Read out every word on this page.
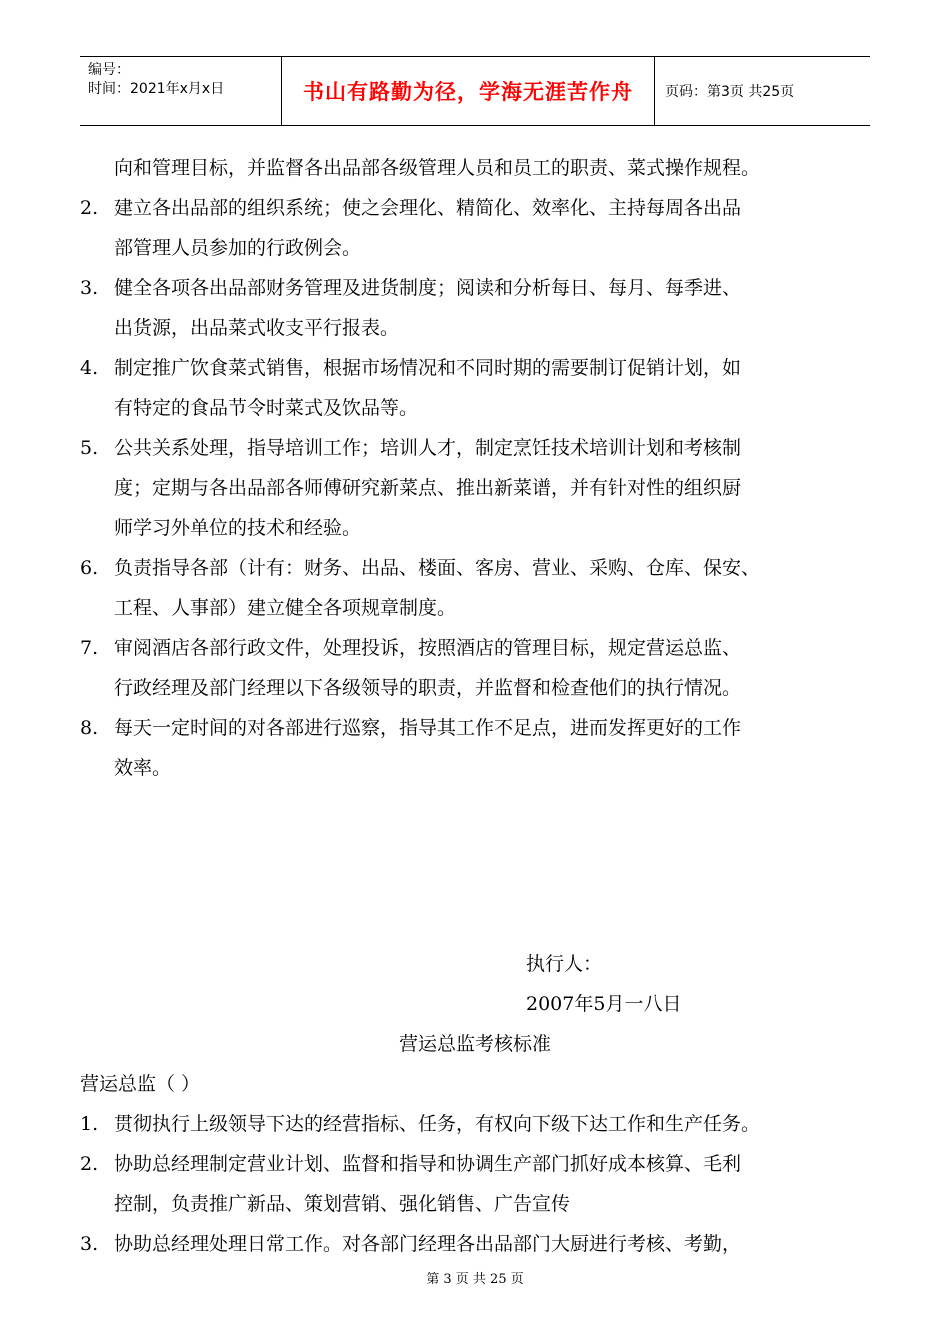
编号：
时间：2021年x月x日	书山有路勤为径，学海无涯苦作舟	页码：第3页 共25页
向和管理目标，并监督各出品部各级管理人员和员工的职责、菜式操作规程。
2. 建立各出品部的组织系统；使之会理化、精简化、效率化、主持每周各出品
部管理人员参加的行政例会。
3. 健全各项各出品部财务管理及进货制度；阅读和分析每日、每月、每季进、
出货源，出品菜式收支平行报表。
4. 制定推广饮食菜式销售，根据市场情况和不同时期的需要制订促销计划，如
有特定的食品节令时菜式及饮品等。
5. 公共关系处理，指导培训工作；培训人才，制定烹饪技术培训计划和考核制
度；定期与各出品部各师傅研究新菜点、推出新菜谱，并有针对性的组织厨
师学习外单位的技术和经验。
6. 负责指导各部（计有：财务、出品、楼面、客房、营业、采购、仓库、保安、
工程、人事部）建立健全各项规章制度。
7. 审阅酒店各部行政文件，处理投诉，按照酒店的管理目标，规定营运总监、
行政经理及部门经理以下各级领导的职责，并监督和检查他们的执行情况。
8. 每天一定时间的对各部进行巡察，指导其工作不足点，进而发挥更好的工作
效率。
执行人：
2007年5月一八日
营运总监考核标准
营运总监（ ）
1. 贯彻执行上级领导下达的经营指标、任务，有权向下级下达工作和生产任务。
2. 协助总经理制定营业计划、监督和指导和协调生产部门抓好成本核算、毛利
控制，负责推广新品、策划营销、强化销售、广告宣传
3. 协助总经理处理日常工作。对各部门经理各出品部门大厨进行考核、考勤，
第 3 页 共 25 页
